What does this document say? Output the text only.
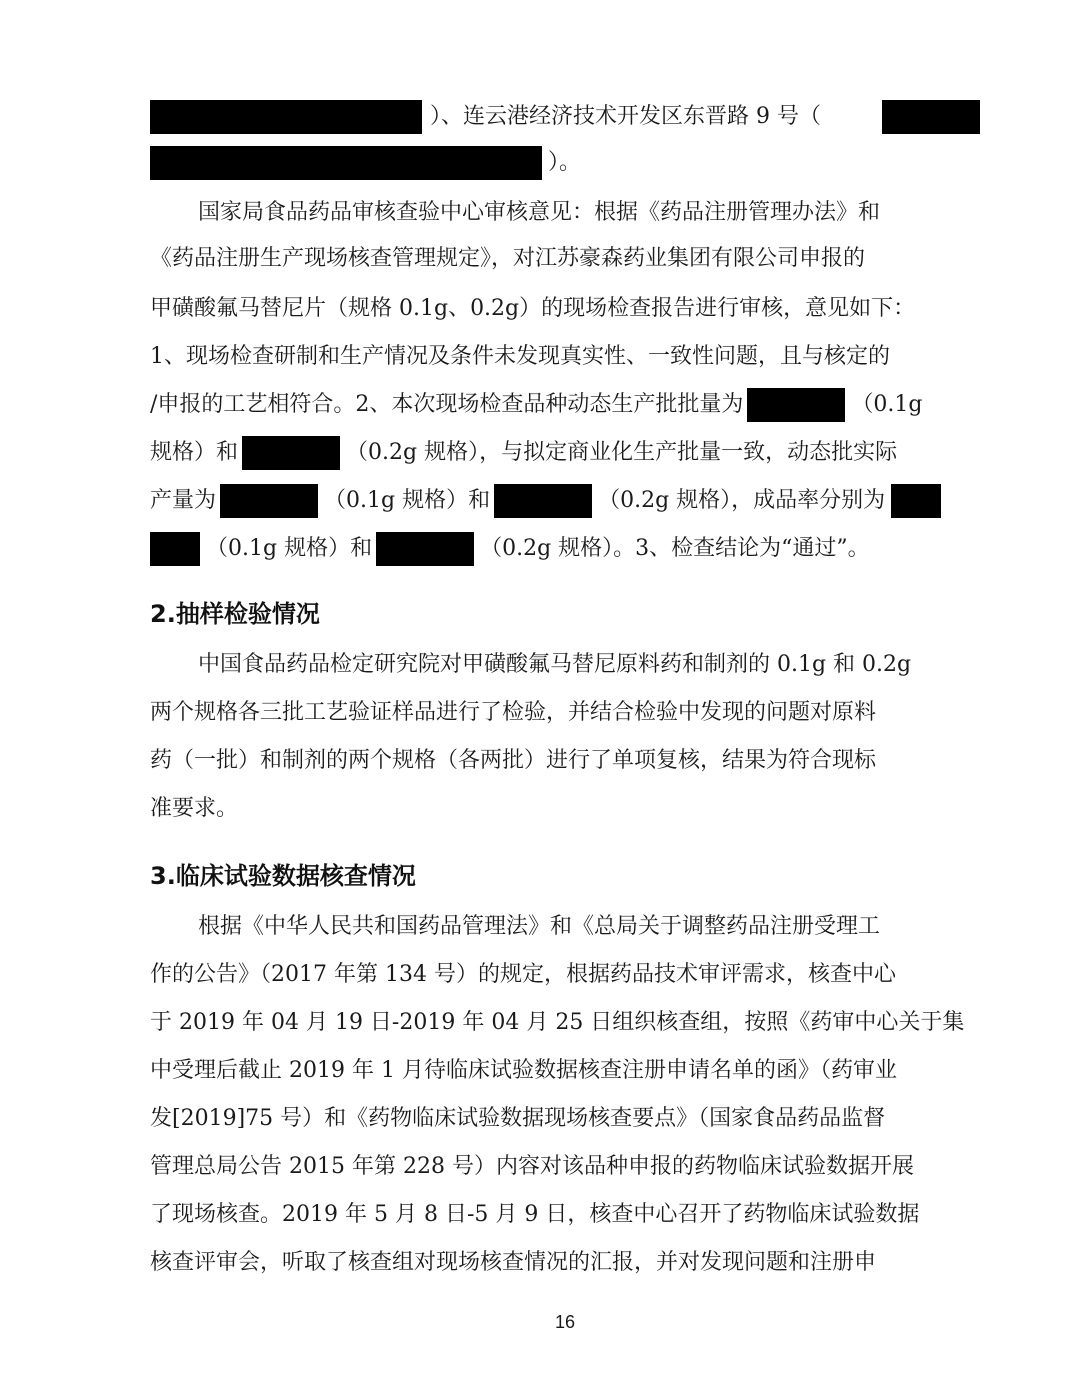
）、连云港经济技术开发区东晋路 9 号（
）。
国家局食品药品审核查验中心审核意见：根据《药品注册管理办法》和
《药品注册生产现场核查管理规定》，对江苏豪森药业集团有限公司申报的
甲磺酸氟马替尼片（规格 0.1g、0.2g）的现场检查报告进行审核，意见如下：
1、现场检查研制和生产情况及条件未发现真实性、一致性问题，且与核定的
/申报的工艺相符合。2、本次现场检查品种动态生产批批量为	（0.1g
规格）和	（0.2g 规格），与拟定商业化生产批量一致，动态批实际
产量为	（0.1g 规格）和	（0.2g 规格），成品率分别为
（0.1g 规格）和	（0.2g 规格）。3、检查结论为“通过”。
2.抽样检验情况
中国食品药品检定研究院对甲磺酸氟马替尼原料药和制剂的 0.1g 和 0.2g
两个规格各三批工艺验证样品进行了检验，并结合检验中发现的问题对原料
药（一批）和制剂的两个规格（各两批）进行了单项复核，结果为符合现标
准要求。
3.临床试验数据核查情况
根据《中华人民共和国药品管理法》和《总局关于调整药品注册受理工
作的公告》（2017 年第 134 号）的规定，根据药品技术审评需求，核查中心
于 2019 年 04 月 19 日-2019 年 04 月 25 日组织核查组，按照《药审中心关于集
中受理后截止 2019 年 1 月待临床试验数据核查注册申请名单的函》（药审业
发[2019]75 号）和《药物临床试验数据现场核查要点》（国家食品药品监督
管理总局公告 2015 年第 228 号）内容对该品种申报的药物临床试验数据开展
了现场核查。2019 年 5 月 8 日-5 月 9 日，核查中心召开了药物临床试验数据
核查评审会，听取了核查组对现场核查情况的汇报，并对发现问题和注册申
16
